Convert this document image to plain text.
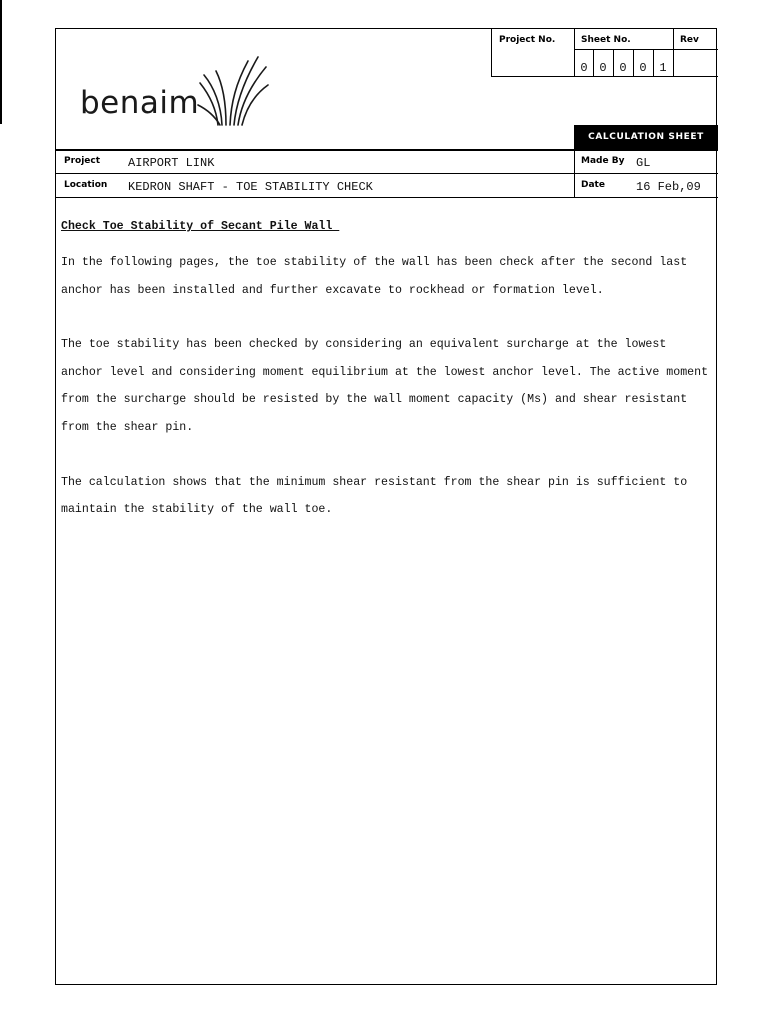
benaim
Project No.	Sheet No.	Rev
0 0 0 0 1
CALCULATION SHEET
Project AIRPORT LINK	Made By GL
Location KEDRON SHAFT - TOE STABILITY CHECK	Date	16 Feb,09
Check Toe Stability of Secant Pile Wall
In the following pages, the toe stability of the wall has been check after the second last anchor has been installed and further excavate to rockhead or formation level.
The toe stability has been checked by considering an equivalent surcharge at the lowest anchor level and considering moment equilibrium at the lowest anchor level. The active moment from the surcharge should be resisted by the wall moment capacity (Ms) and shear resistant from the shear pin.
The calculation shows that the minimum shear resistant from the shear pin is sufficient to maintain the stability of the wall toe.
